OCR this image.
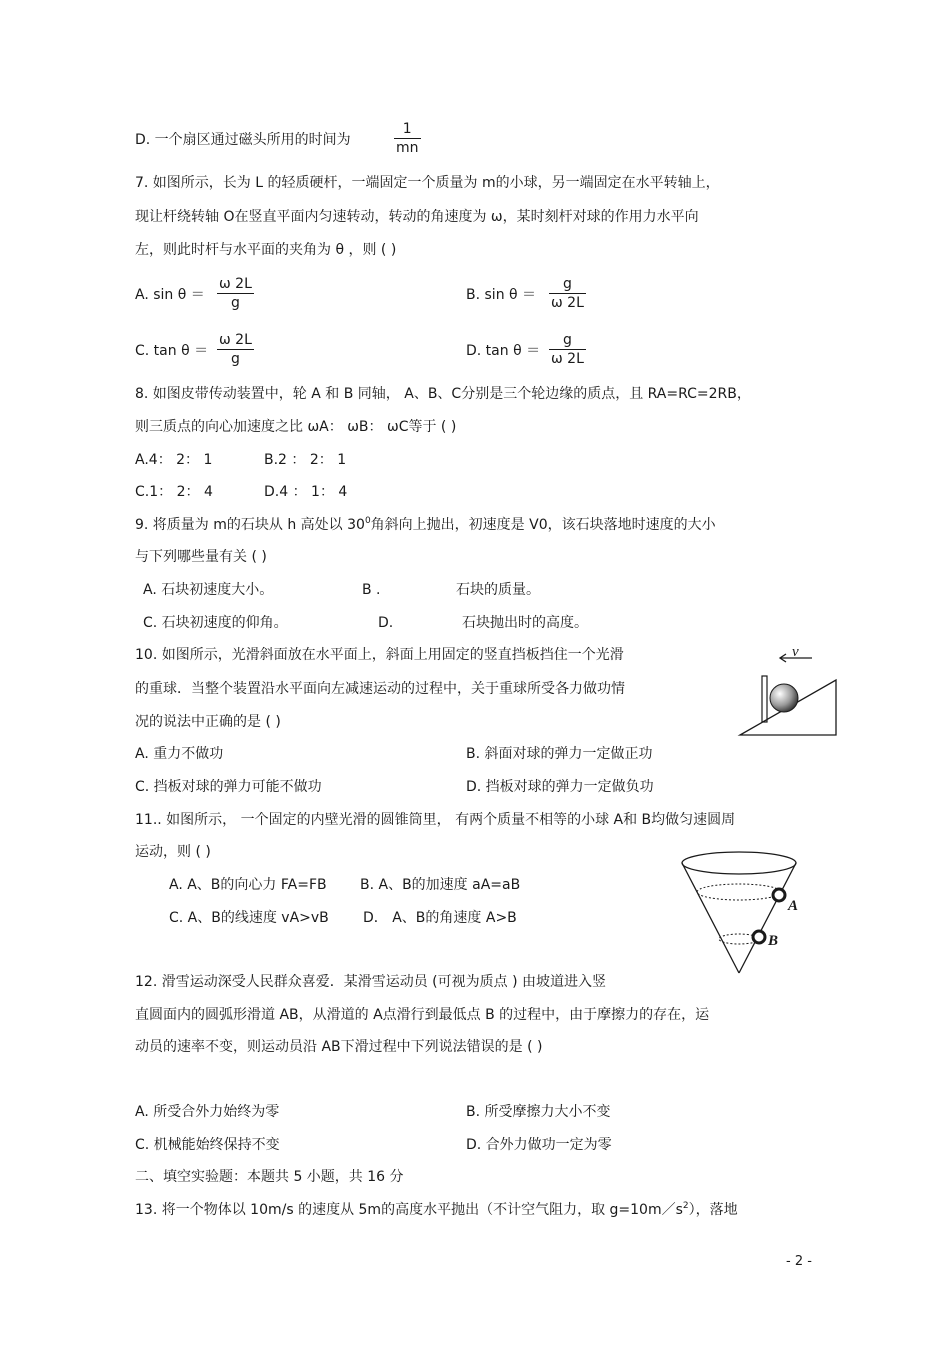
D. 一个扇区通过磁头所用的时间为	$\frac{1}{mn}$
7. 如图所示，长为 L 的轻质硬杆，一端固定一个质量为 m的小球，另一端固定在水平转轴上，
现让杆绕转轴 O在竖直平面内匀速转动，转动的角速度为 ω，某时刻杆对球的作用力水平向
左，则此时杆与水平面的夹角为 θ ，则 ( )
A. $\sin \theta = \frac{\omega 2L}{g}$	B. $\sin \theta = \frac{g}{\omega 2L}$
C. $\tan \theta = \frac{\omega 2L}{g}$	D. $\tan \theta = \frac{g}{\omega 2L}$
8. 如图皮带传动装置中，轮 A 和 B 同轴， A、B、C分别是三个轮边缘的质点，且 RA=RC=2RB，
则三质点的向心加速度之比 ωA： ωB： ωC等于 ( )
A.4： 2： 1	B.2 ： 2： 1
C.1： 2： 4	D.4 ： 1： 4
9. 将质量为 m的石块从 h 高处以 $30^0$角斜向上抛出，初速度是 V0，该石块落地时速度的大小
与下列哪些量有关 ( )
A. 石块初速度大小。	B .	石块的质量。
C. 石块初速度的仰角。	D.	石块抛出时的高度。
10. 如图所示，光滑斜面放在水平面上，斜面上用固定的竖直挡板挡住一个光滑
的重球．当整个装置沿水平面向左减速运动的过程中，关于重球所受各力做功情
况的说法中正确的是 ( )
v
A. 重力不做功	B. 斜面对球的弹力一定做正功
C. 挡板对球的弹力可能不做功	D. 挡板对球的弹力一定做负功
11.. 如图所示， 一个固定的内壁光滑的圆锥筒里， 有两个质量不相等的小球 A和 B均做匀速圆周
运动，则 ( )
A. A、B的向心力 FA=FB B. A、B的加速度 aA=aB
C. A、B的线速度 vA>vB D． A、B的角速度 A>B
A
B
12. 滑雪运动深受人民群众喜爱．某滑雪运动员 (可视为质点 ) 由坡道进入竖
直圆面内的圆弧形滑道 AB，从滑道的 A点滑行到最低点 B 的过程中，由于摩擦力的存在，运
动员的速率不变，则运动员沿 AB下滑过程中下列说法错误的是 ( )
A. 所受合外力始终为零	B. 所受摩擦力大小不变
C. 机械能始终保持不变	D. 合外力做功一定为零
二、填空实验题：本题共 5 小题，共 16 分
13. 将一个物体以 10m/s 的速度从 5m的高度水平抛出（不计空气阻力，取 $g=10m/s^2$），落地
- 2 -
